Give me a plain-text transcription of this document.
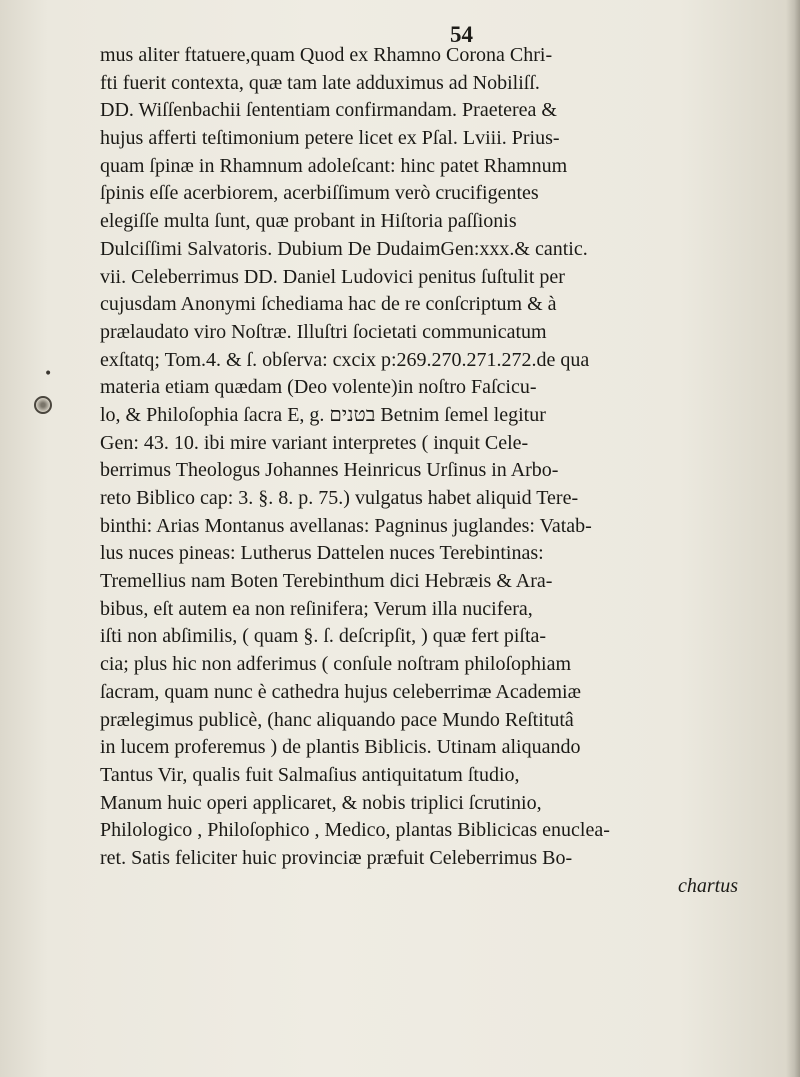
54
•
mus aliter ftatuere,quam Quod ex Rhamno Corona Chri-
fti fuerit contexta, quæ tam late adduximus ad Nobiliſſ.
DD. Wiſſenbachii ſententiam confirmandam. Praeterea &
hujus afferti teſtimonium petere licet ex Pſal. Lviii. Prius-
quam ſpinæ in Rhamnum adoleſcant: hinc patet Rhamnum
ſpinis eſſe acerbiorem, acerbiſſimum verò crucifigentes
elegiſſe multa ſunt, quæ probant in Hiſtoria paſſionis
Dulciſſimi Salvatoris. Dubium De DudaimGen:xxx.& cantic.
vii. Celeberrimus DD. Daniel Ludovici penitus ſuſtulit per
cujusdam Anonymi ſchediama hac de re conſcriptum & à
prælaudato viro Noſtræ. Illuſtri ſocietati communicatum
exſtatq; Tom.4. & ſ. obſerva: cxcix p:269.270.271.272.de qua
materia etiam quædam (Deo volente)in noſtro Faſcicu-
lo, & Philoſophia ſacra E, g. בטנים Betnim ſemel legitur
Gen: 43. 10. ibi mire variant interpretes ( inquit Cele-
berrimus Theologus Johannes Heinricus Urſinus in Arbo-
reto Biblico cap: 3. §. 8. p. 75.) vulgatus habet aliquid Tere-
binthi: Arias Montanus avellanas: Pagninus juglandes: Vatab-
lus nuces pineas: Lutherus Dattelen nuces Terebintinas:
Tremellius nam Boten Terebinthum dici Hebræis & Ara-
bibus, eſt autem ea non reſinifera; Verum illa nucifera,
iſti non abſimilis, ( quam §. ſ. deſcripſit, ) quæ fert piſta-
cia; plus hic non adferimus ( conſule noſtram philoſophiam
ſacram, quam nunc è cathedra hujus celeberrimæ Academiæ
prælegimus publicè, (hanc aliquando pace Mundo Reſtitutâ
in lucem proferemus ) de plantis Biblicis. Utinam aliquando
Tantus Vir, qualis fuit Salmaſius antiquitatum ſtudio,
Manum huic operi applicaret, & nobis triplici ſcrutinio,
Philologico , Philoſophico , Medico, plantas Biblicicas enuclea-
ret. Satis feliciter huic provinciæ præfuit Celeberrimus Bo-
chartus
